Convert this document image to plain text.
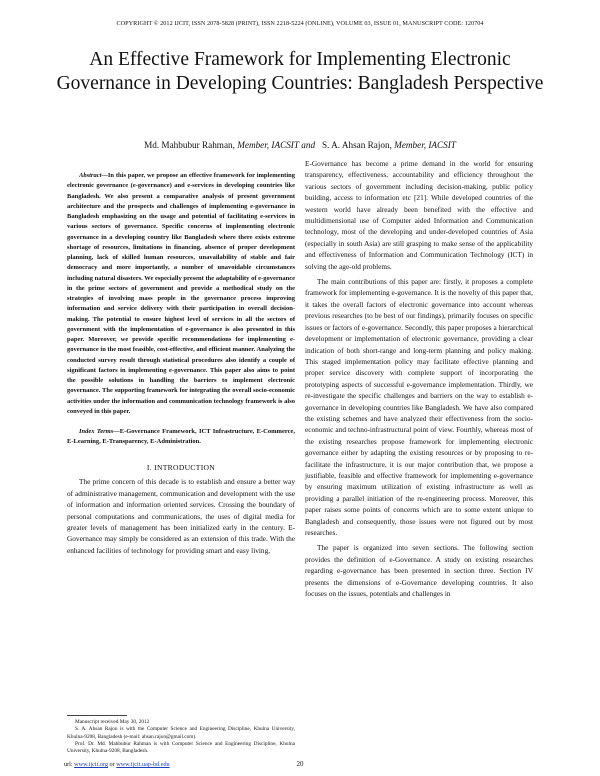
COPYRIGHT © 2012 IJCIT, ISSN 2078-5828 (PRINT), ISSN 2218-5224 (ONLINE), VOLUME 03, ISSUE 01, MANUSCRIPT CODE: 120704
An Effective Framework for Implementing Electronic Governance in Developing Countries: Bangladesh Perspective
Md. Mahbubur Rahman, Member, IACSIT and S. A. Ahsan Rajon, Member, IACSIT

Abstract—In this paper, we propose an effective framework for implementing electronic governance (e-governance) and e-services in developing countries like Bangladesh. We also present a comparative analysis of present government architecture and the prospects and challenges of implementing e-governance in Bangladesh emphasizing on the usage and potential of facilitating e-services in various sectors of governance. Specific concerns of implementing electronic governance in a developing country like Bangladesh where there exists extreme shortage of resources, limitations in financing, absence of proper development planning, lack of skilled human resources, unavailability of stable and fair democracy and more importantly, a number of unavoidable circumstances including natural disasters. We especially present the adaptability of e-governance in the prime sectors of government and provide a methodical study on the strategies of involving mass people in the governance process improving information and service delivery with their participation in overall decision-making. The potential to ensure highest level of services in all the sectors of government with the implementation of e-governance is also presented in this paper. Moreover, we provide specific recommendations for implementing e-governance in the most feasible, cost-effective, and efficient manner. Analyzing the conducted survey result through statistical procedures also identify a couple of significant factors in implementing e-governance. This paper also aims to point the possible solutions in handling the barriers to implement electronic governance. The supporting framework for integrating the overall socio-economic activities under the information and communication technology framework is also conveyed in this paper.

Index Terms—E-Governance Framework, ICT Infrastructure, E-Commerce, E-Learning, E-Transparency, E-Administration.

I. INTRODUCTION

The prime concern of this decade is to establish and ensure a better way of administrative management, communication and development with the use of information and information oriented services. Crossing the boundary of personal computations and communications, the uses of digital media for greater levels of management has been initialized early in the century. E-Governance may simply be considered as an extension of this trade. With the enhanced facilities of technology for providing smart and easy living,

E-Governance has become a prime demand in the world for ensuring transparency, effectiveness, accountability and efficiency throughout the various sectors of government including decision-making, public policy building, access to information etc [21]. While developed countries of the western world have already been benefited with the effective and multidimensional use of Computer aided Information and Communication technology, most of the developing and under-developed countries of Asia (especially in south Asia) are still grasping to make sense of the applicability and effectiveness of Information and Communication Technology (ICT) in solving the age-old problems.

The main contributions of this paper are: firstly, it proposes a complete framework for implementing e-governance. It is the novelty of this paper that, it takes the overall factors of electronic governance into account whereas previous researches (to be best of our findings), primarily focuses on specific issues or factors of e-governance. Secondly, this paper proposes a hierarchical development or implementation of electronic governance, providing a clear indication of both short-range and long-term planning and policy making. This staged implementation policy may facilitate effective planning and proper service discovery with complete support of incorporating the prototyping aspects of successful e-governance implementation. Thirdly, we re-investigate the specific challenges and barriers on the way to establish e-governance in developing countries like Bangladesh. We have also compared the existing schemes and have analyzed their effectiveness from the socio-economic and techno-infrastructural point of view. Fourthly, whereas most of the existing researches propose framework for implementing electronic governance either by adapting the existing resources or by proposing to re-facilitate the infrastructure, it is our major contribution that, we propose a justifiable, feasible and effective framework for implementing e-governance by ensuring maximum utilization of existing infrastructure as well as providing a parallel initiation of the re-engineering process. Moreover, this paper raises some points of concerns which are to some extent unique to Bangladesh and consequently, those issues were not figured out by most researches.

The paper is organized into seven sections. The following section provides the definition of e-Governance. A study on existing researches regarding e-governance has been presented in section three. Section IV presents the dimensions of e-Governance developing countries. It also focuses on the issues, potentials and challenges in

Manuscript received May 30, 2012

S. A. Ahsan Rajon is with the Computer Science and Engineering Discipline, Khulna University, Khulna-9208, Bangladesh (e-mail: ahsan.rajon@gmail.com).

Prof. Dr. Md. Mahbubur Rahman is with Computer Science and Engineering Discipline, Khulna University, Khulna-9208, Bangladesh.

url: www.ijcit.org or www.ijcit.uap-bd.edu	20
